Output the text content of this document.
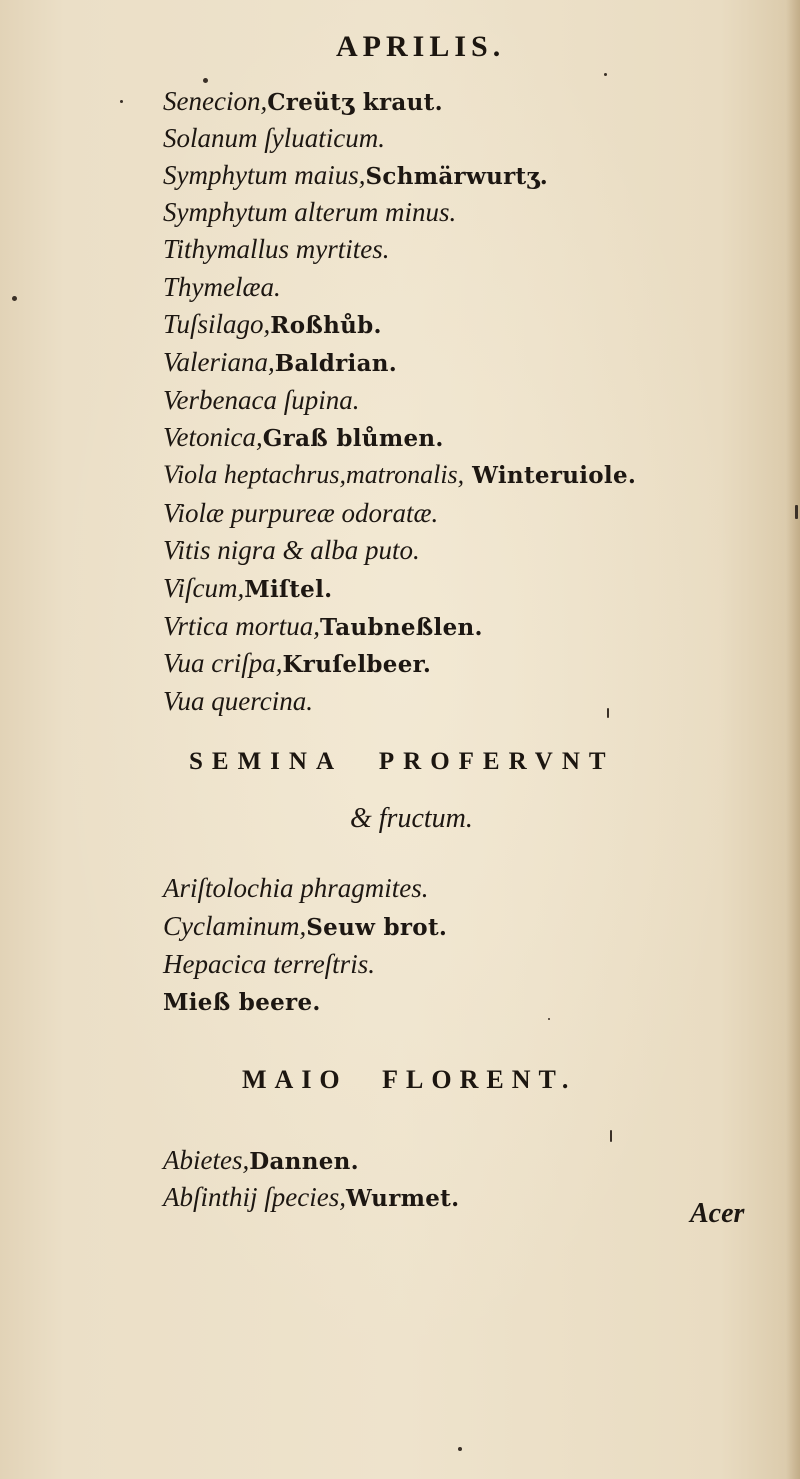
APRILIS.
Senecion,Creütʒ kraut.
Solanum ſyluaticum.
Symphytum maius,Schmärwurtʒ.
Symphytum alterum minus.
Tithymallus myrtites.
Thymelæa.
Tuſsilago,Roßhůb.
Valeriana,Baldrian.
Verbenaca ſupina.
Vetonica,Graß blůmen.
Viola heptachrus,matronalis, Winteruiole.
Violæ purpureæ odoratæ.
Vitis nigra & alba puto.
Viſcum,Miſtel.
Vrtica mortua,Taubneßlen.
Vua criſpa,Kruſelbeer.
Vua quercina.
SEMINA PROFERVNT
& fructum.
Ariſtolochia phragmites.
Cyclaminum,Seuw brot.
Hepacica terreſtris.
Mieß beere.
MAIO FLORENT.
Abietes,Dannen.
Abſinthij ſpecies,Wurmet.	Acer
